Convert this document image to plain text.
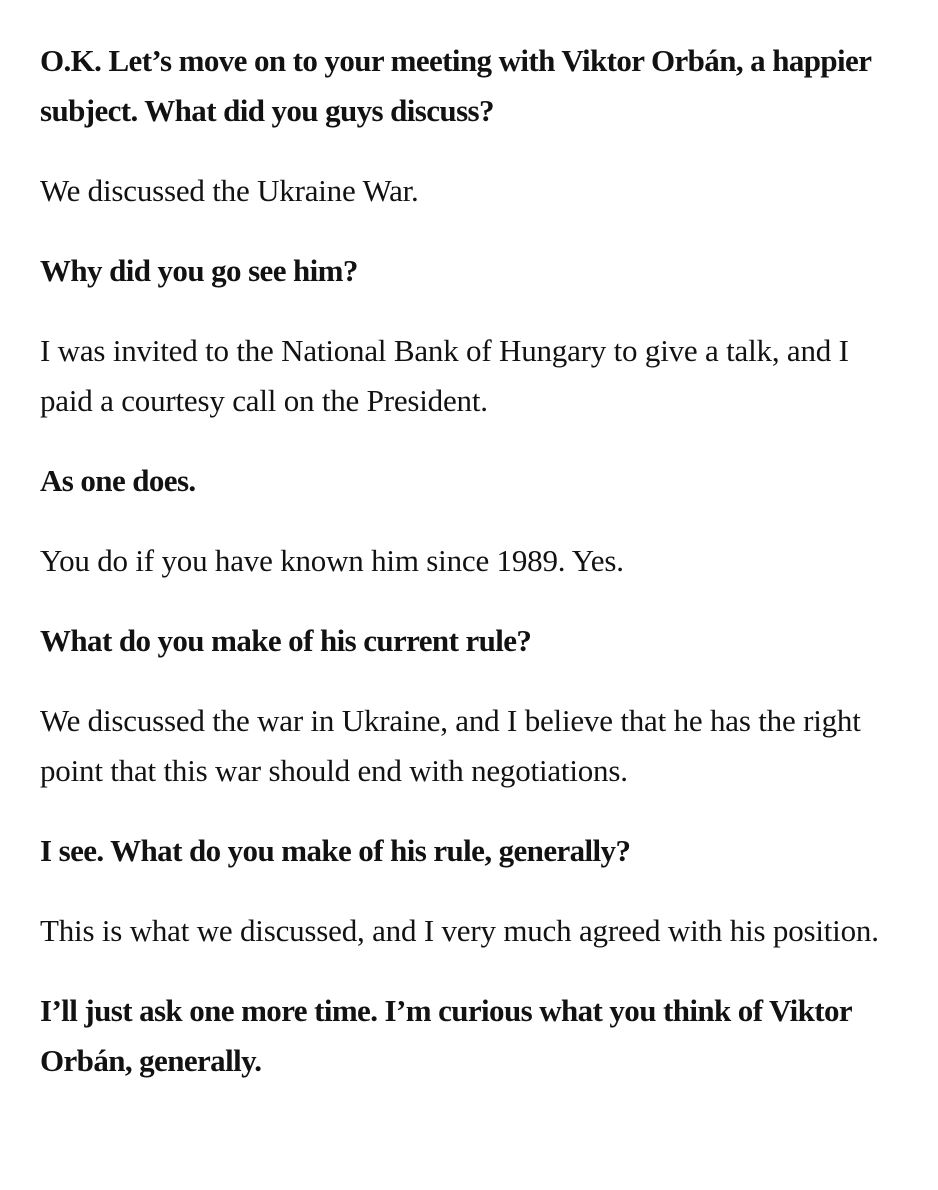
O.K. Let’s move on to your meeting with Viktor Orbán, a happier subject. What did you guys discuss?

We discussed the Ukraine War.

Why did you go see him?

I was invited to the National Bank of Hungary to give a talk, and I paid a courtesy call on the President.

As one does.

You do if you have known him since 1989. Yes.

What do you make of his current rule?

We discussed the war in Ukraine, and I believe that he has the right point that this war should end with negotiations.

I see. What do you make of his rule, generally?

This is what we discussed, and I very much agreed with his position.

I’ll just ask one more time. I’m curious what you think of Viktor Orbán, generally.
